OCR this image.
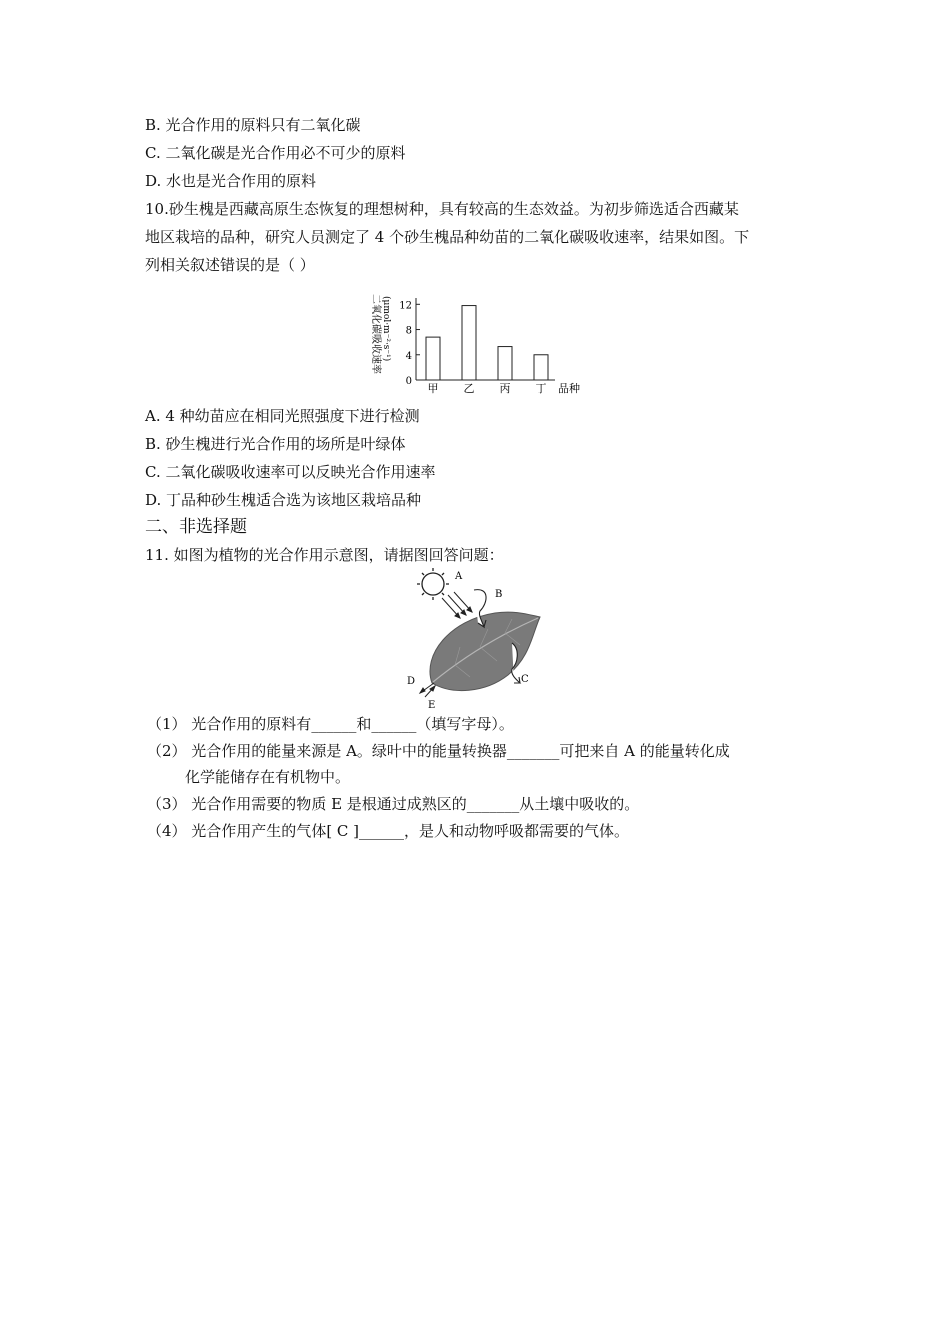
B. 光合作用的原料只有二氧化碳
C. 二氧化碳是光合作用必不可少的原料
D. 水也是光合作用的原料
10.砂生槐是西藏高原生态恢复的理想树种，具有较高的生态效益。为初步筛选适合西藏某
地区栽培的品种，研究人员测定了 4 个砂生槐品种幼苗的二氧化碳吸收速率，结果如图。下
列相关叙述错误的是（ ）
二氧化碳吸收速率 (μmol·m⁻²·s⁻¹)
0
4
8
12
甲 乙 丙 丁 品种
A. 4 种幼苗应在相同光照强度下进行检测
B. 砂生槐进行光合作用的场所是叶绿体
C. 二氧化碳吸收速率可以反映光合作用速率
D. 丁品种砂生槐适合选为该地区栽培品种
二、非选择题
11. 如图为植物的光合作用示意图，请据图回答问题：
A
B
C
D
E
（1） 光合作用的原料有______和______（填写字母）。
（2） 光合作用的能量来源是 A。绿叶中的能量转换器_______可把来自 A 的能量转化成
化学能储存在有机物中。
（3） 光合作用需要的物质 E 是根通过成熟区的_______从土壤中吸收的。
（4） 光合作用产生的气体[ C ]______，是人和动物呼吸都需要的气体。
